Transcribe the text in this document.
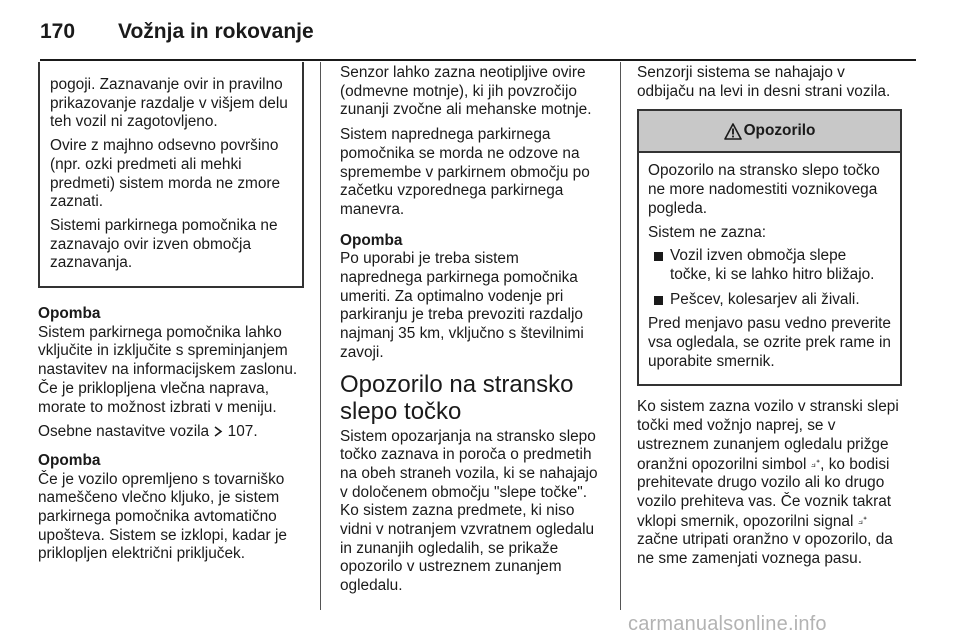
170 Vožnja in rokovanje

pogoji. Zaznavanje ovir in pravilno prikazovanje razdalje v višjem delu teh vozil ni zagotovljeno.

Ovire z majhno odsevno površino (npr. ozki predmeti ali mehki predmeti) sistem morda ne zmore zaznati.

Sistemi parkirnega pomočnika ne zaznavajo ovir izven območja zaznavanja.

Opomba
Sistem parkirnega pomočnika lahko vključite in izključite s spreminjanjem nastavitev na informacijskem zaslonu. Če je priklopljena vlečna naprava, morate to možnost izbrati v meniju.
Osebne nastavitve vozila 107.
Opomba
Če je vozilo opremljeno s tovarniško nameščeno vlečno kljuko, je sistem parkirnega pomočnika avtomatično upošteva. Sistem se izklopi, kadar je priklopljen električni priključek.
Senzor lahko zazna neotipljive ovire (odmevne motnje), ki jih povzročijo zunanji zvočne ali mehanske motnje.
Sistem naprednega parkirnega pomočnika se morda ne odzove na spremembe v parkirnem območju po začetku vzporednega parkirnega manevra.
Opomba
Po uporabi je treba sistem naprednega parkirnega pomočnika umeriti. Za optimalno vodenje pri parkiranju je treba prevoziti razdaljo najmanj 35 km, vključno s številnimi zavoji.
Opozorilo na stransko slepo točko
Sistem opozarjanja na stransko slepo točko zaznava in poroča o predmetih na obeh straneh vozila, ki se nahajajo v določenem območju "slepe točke". Ko sistem zazna predmete, ki niso vidni v notranjem vzvratnem ogledalu in zunanjih ogledalih, se prikaže opozorilo v ustreznem zunanjem ogledalu.
Senzorji sistema se nahajajo v odbijaču na levi in desni strani vozila.
Opozorilo

Opozorilo na stransko slepo točko ne more nadomestiti voznikovega pogleda.

Sistem ne zazna:

Vozil izven območja slepe točke, ki se lahko hitro bližajo.
Pešcev, kolesarjev ali živali.

Pred menjavo pasu vedno preverite vsa ogledala, se ozrite prek rame in uporabite smernik.

Ko sistem zazna vozilo v stranski slepi točki med vožnjo naprej, se v ustreznem zunanjem ogledalu prižge oranžni opozorilni simbol ⟓ᐩ, ko bodisi prehitevate drugo vozilo ali ko drugo vozilo prehiteva vas. Če voznik takrat vklopi smernik, opozorilni signal ⟓ᐩ začne utripati oranžno v opozorilo, da ne sme zamenjati voznega pasu.
carmanualsonline.info
